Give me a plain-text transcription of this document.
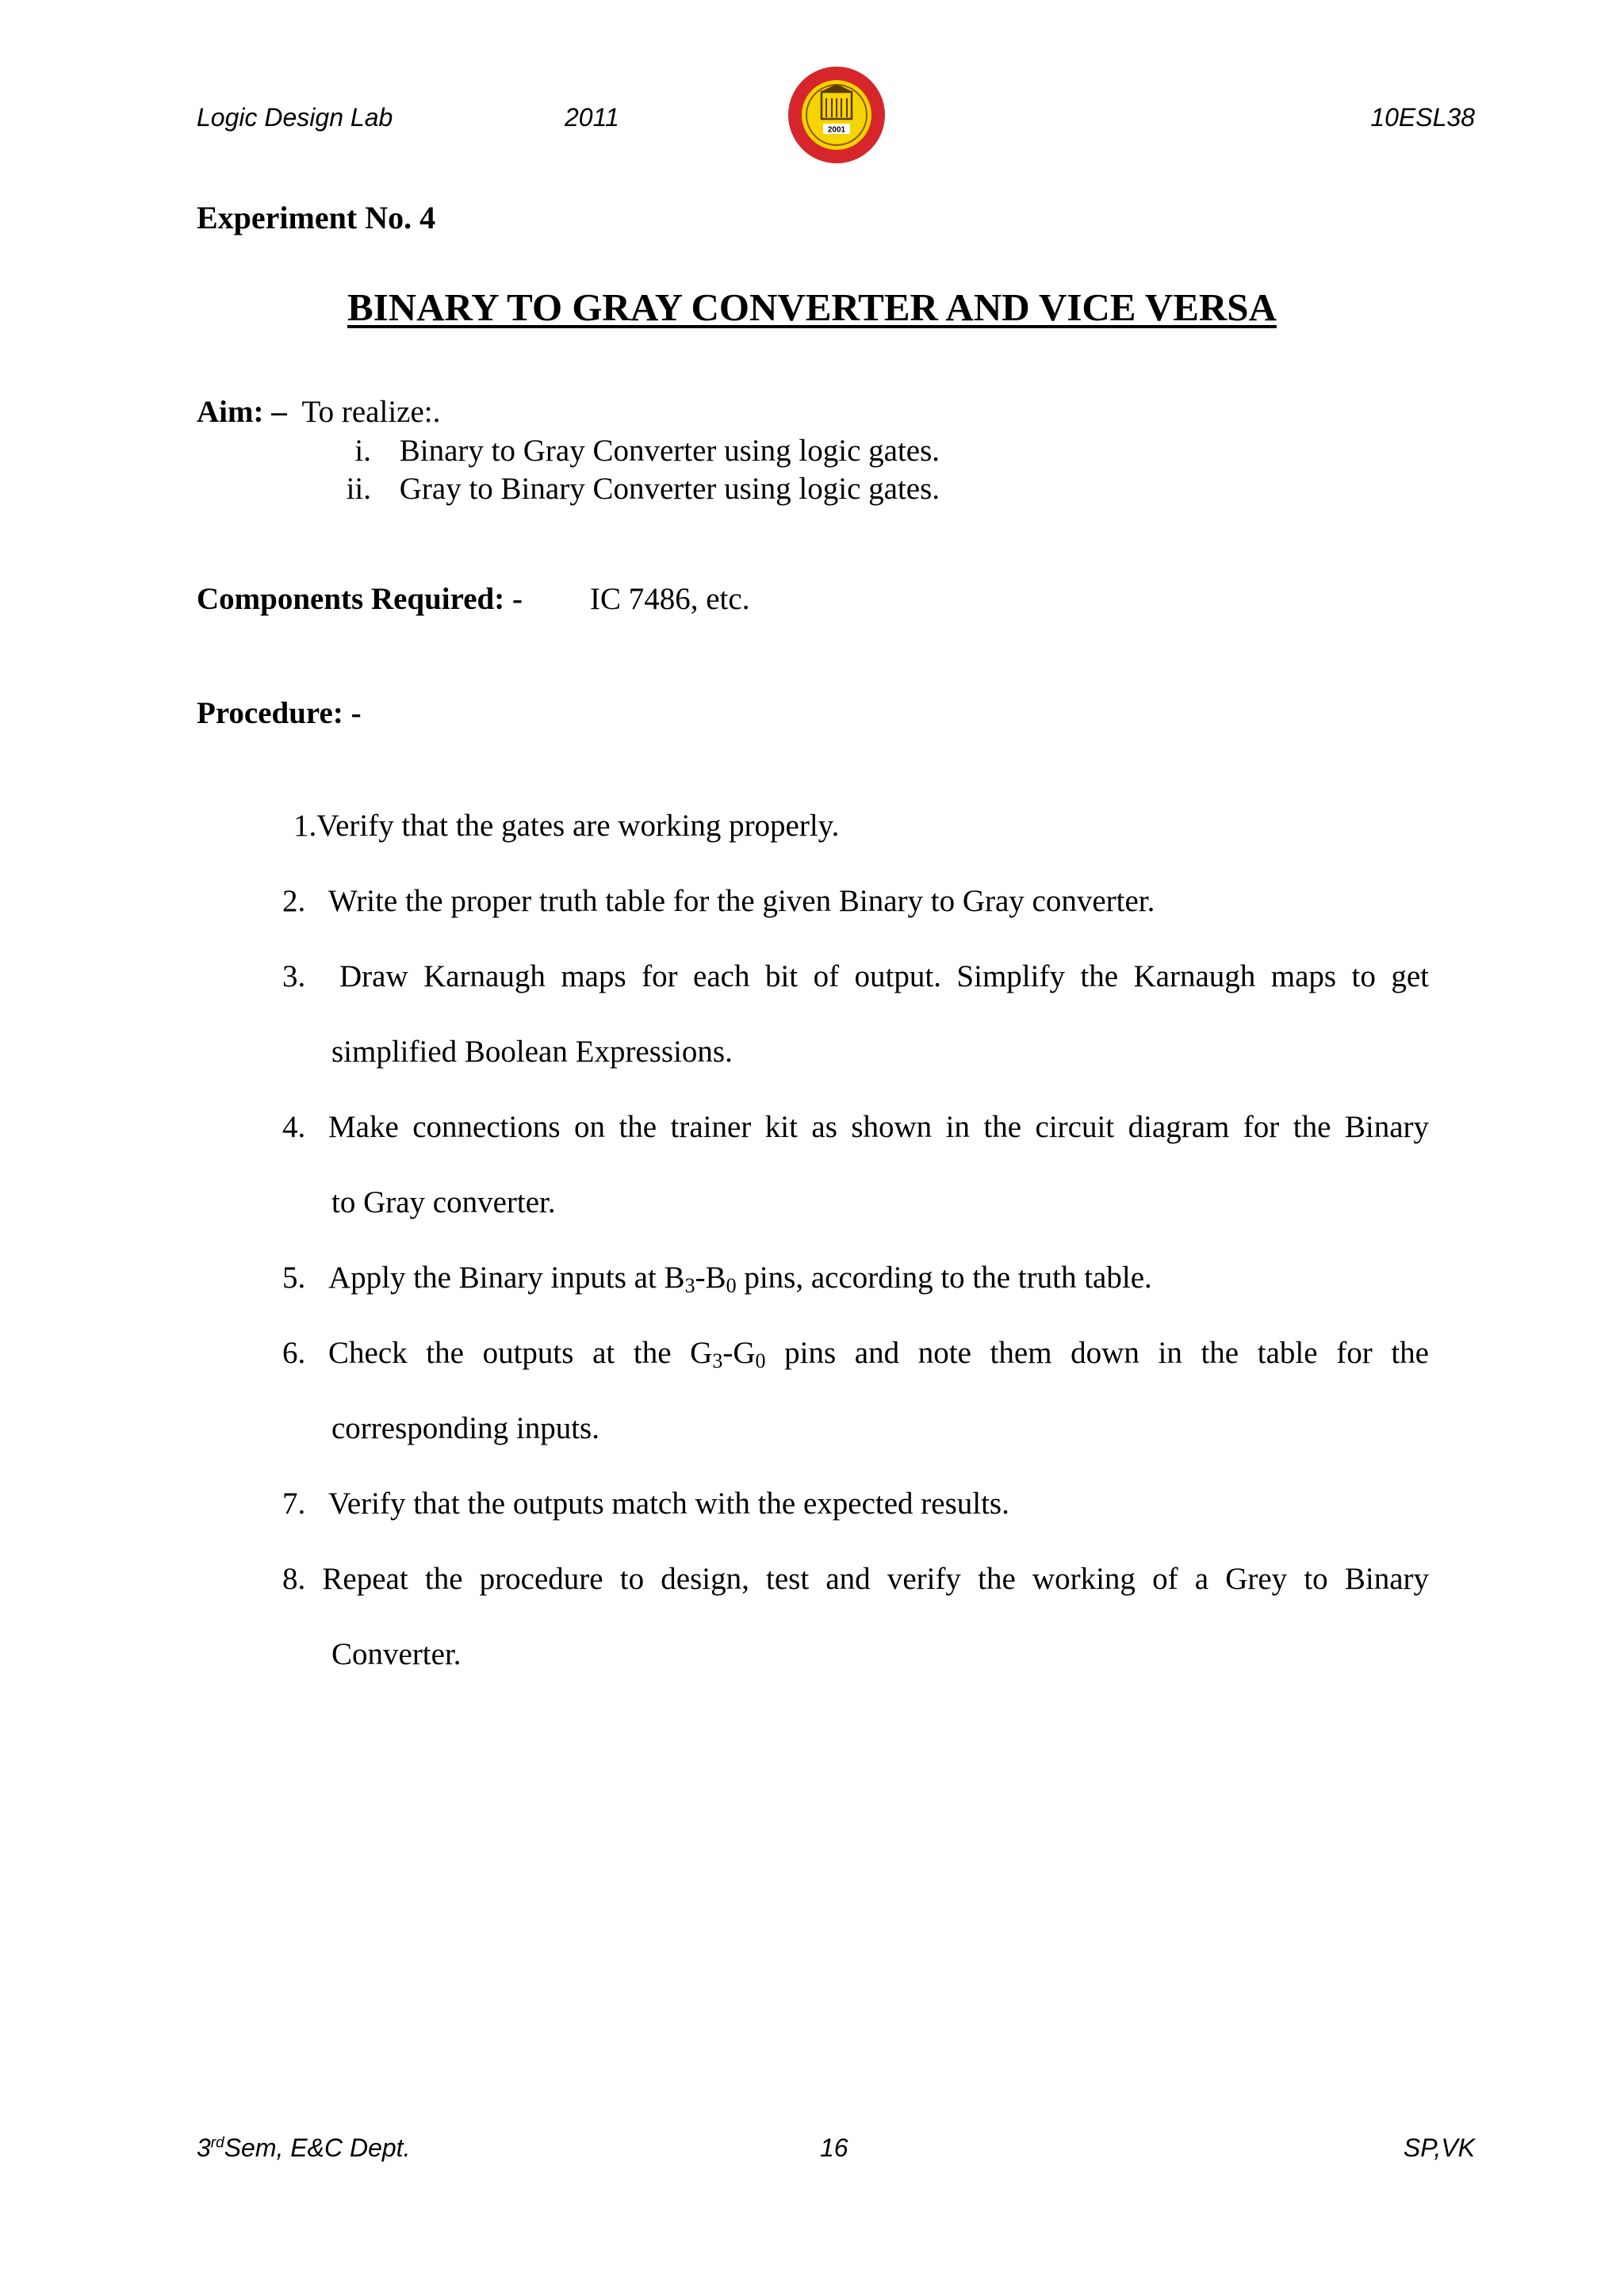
Logic Design Lab	2011	10ESL38
2001
Experiment No. 4
BINARY TO GRAY CONVERTER AND VICE VERSA
Aim: – To realize:.
i. Binary to Gray Converter using logic gates.
ii. Gray to Binary Converter using logic gates.
Components Required: - IC 7486, etc.
Procedure: -
1.Verify that the gates are working properly.
2. Write the proper truth table for the given Binary to Gray converter.
3. Draw Karnaugh maps for each bit of output. Simplify the Karnaugh maps to get
simplified Boolean Expressions.
4. Make connections on the trainer kit as shown in the circuit diagram for the Binary
to Gray converter.
5. Apply the Binary inputs at $B_3-B_0$ pins, according to the truth table.
6. Check the outputs at the $G_3-G_0$ pins and note them down in the table for the
corresponding inputs.
7. Verify that the outputs match with the expected results.
8. Repeat the procedure to design, test and verify the working of a Grey to Binary
Converter.
3rdSem, E&C Dept.	16	SP,VK
